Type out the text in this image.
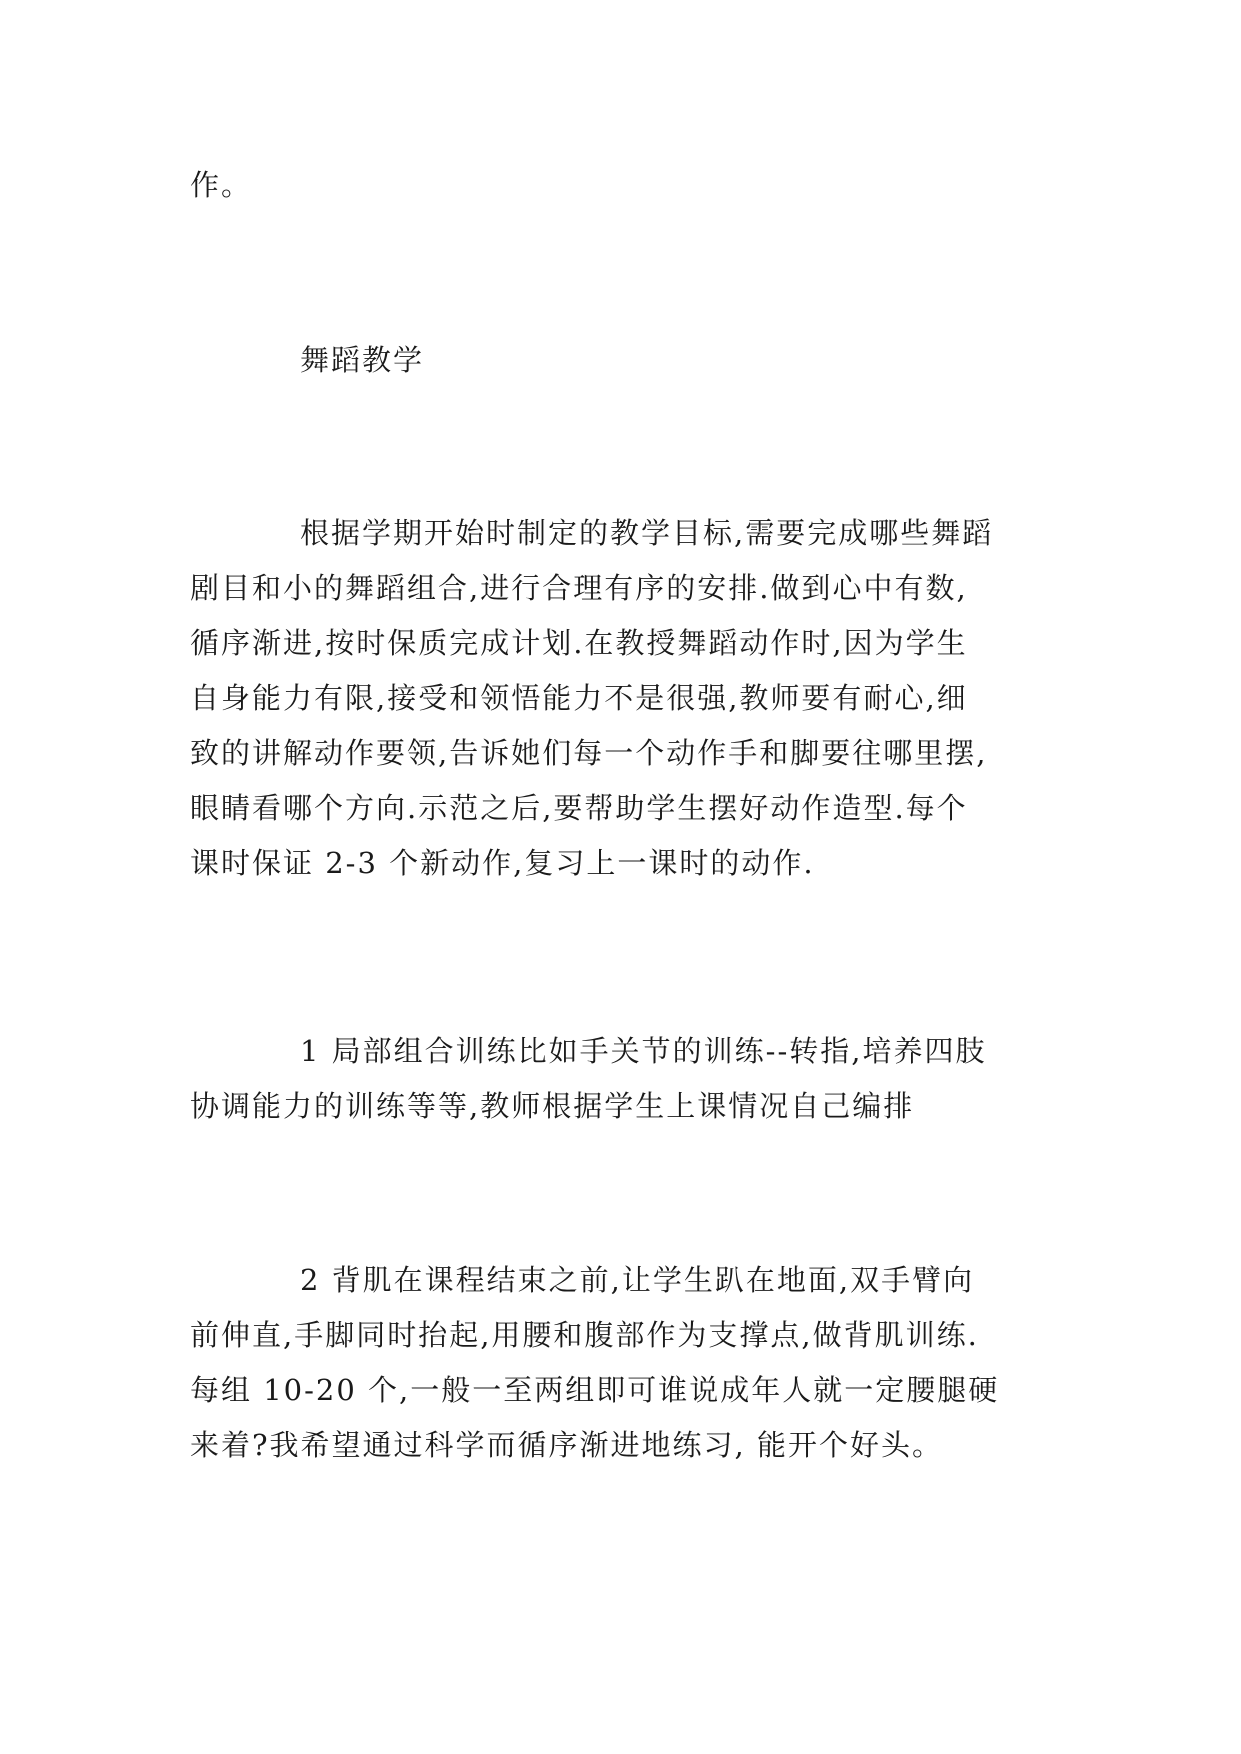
作。
舞蹈教学
根据学期开始时制定的教学目标,需要完成哪些舞蹈
剧目和小的舞蹈组合,进行合理有序的安排.做到心中有数,
循序渐进,按时保质完成计划.在教授舞蹈动作时,因为学生
自身能力有限,接受和领悟能力不是很强,教师要有耐心,细
致的讲解动作要领,告诉她们每一个动作手和脚要往哪里摆,
眼睛看哪个方向.示范之后,要帮助学生摆好动作造型.每个
课时保证 2-3 个新动作,复习上一课时的动作.
1 局部组合训练比如手关节的训练--转指,培养四肢
协调能力的训练等等,教师根据学生上课情况自己编排
2 背肌在课程结束之前,让学生趴在地面,双手臂向
前伸直,手脚同时抬起,用腰和腹部作为支撑点,做背肌训练.
每组 10-20 个,一般一至两组即可谁说成年人就一定腰腿硬
来着?我希望通过科学而循序渐进地练习, 能开个好头。
